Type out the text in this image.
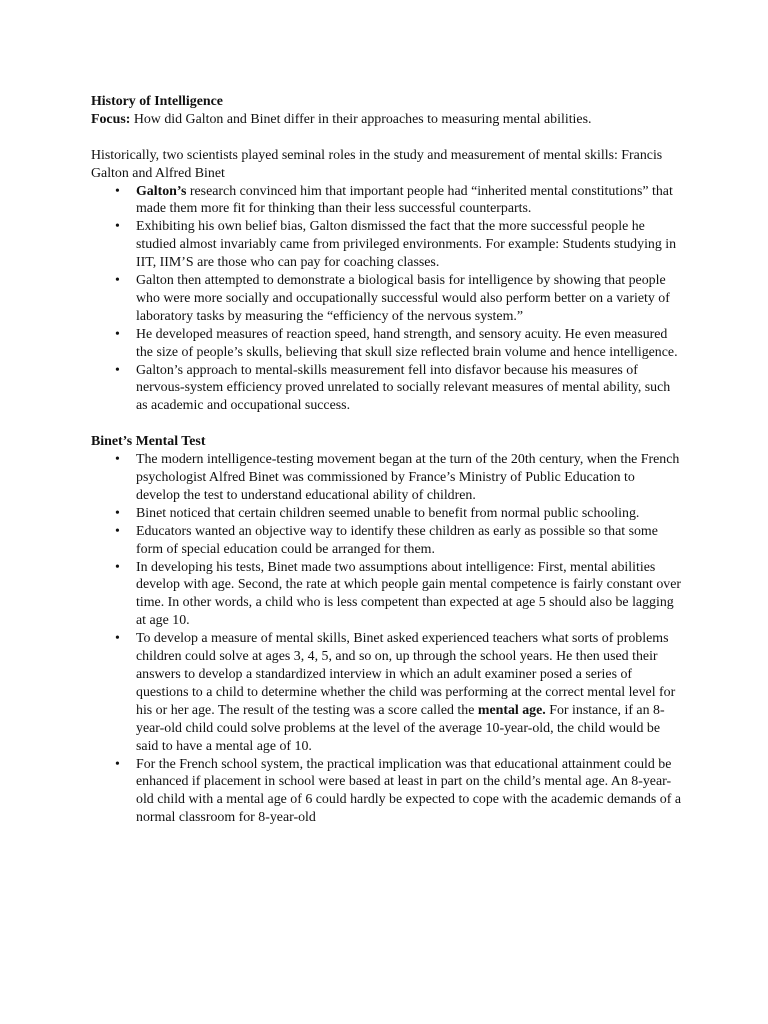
History of Intelligence

Focus: How did Galton and Binet differ in their approaches to measuring mental abilities.

Historically, two scientists played seminal roles in the study and measurement of mental skills: Francis Galton and Alfred Binet
• Galton’s research convinced him that important people had “inherited mental constitutions” that made them more fit for thinking than their less successful counterparts.
• Exhibiting his own belief bias, Galton dismissed the fact that the more successful people he studied almost invariably came from privileged environments. For example: Students studying in IIT, IIM’S are those who can pay for coaching classes.
• Galton then attempted to demonstrate a biological basis for intelligence by showing that people who were more socially and occupationally successful would also perform better on a variety of laboratory tasks by measuring the “efficiency of the nervous system.”
• He developed measures of reaction speed, hand strength, and sensory acuity. He even measured the size of people’s skulls, believing that skull size reflected brain volume and hence intelligence.
• Galton’s approach to mental-skills measurement fell into disfavor because his measures of nervous-system efficiency proved unrelated to socially relevant measures of mental ability, such as academic and occupational success.
Binet’s Mental Test
• The modern intelligence-testing movement began at the turn of the 20th century, when the French psychologist Alfred Binet was commissioned by France’s Ministry of Public Education to develop the test to understand educational ability of children.
• Binet noticed that certain children seemed unable to benefit from normal public schooling.
• Educators wanted an objective way to identify these children as early as possible so that some form of special education could be arranged for them.
• In developing his tests, Binet made two assumptions about intelligence: First, mental abilities develop with age. Second, the rate at which people gain mental competence is fairly constant over time. In other words, a child who is less competent than expected at age 5 should also be lagging at age 10.
• To develop a measure of mental skills, Binet asked experienced teachers what sorts of problems children could solve at ages 3, 4, 5, and so on, up through the school years. He then used their answers to develop a standardized interview in which an adult examiner posed a series of questions to a child to determine whether the child was performing at the correct mental level for his or her age. The result of the testing was a score called the mental age. For instance, if an 8-year-old child could solve problems at the level of the average 10-year-old, the child would be said to have a mental age of 10.
• For the French school system, the practical implication was that educational attainment could be enhanced if placement in school were based at least in part on the child’s mental age. An 8-year-old child with a mental age of 6 could hardly be expected to cope with the academic demands of a normal classroom for 8-year-old
